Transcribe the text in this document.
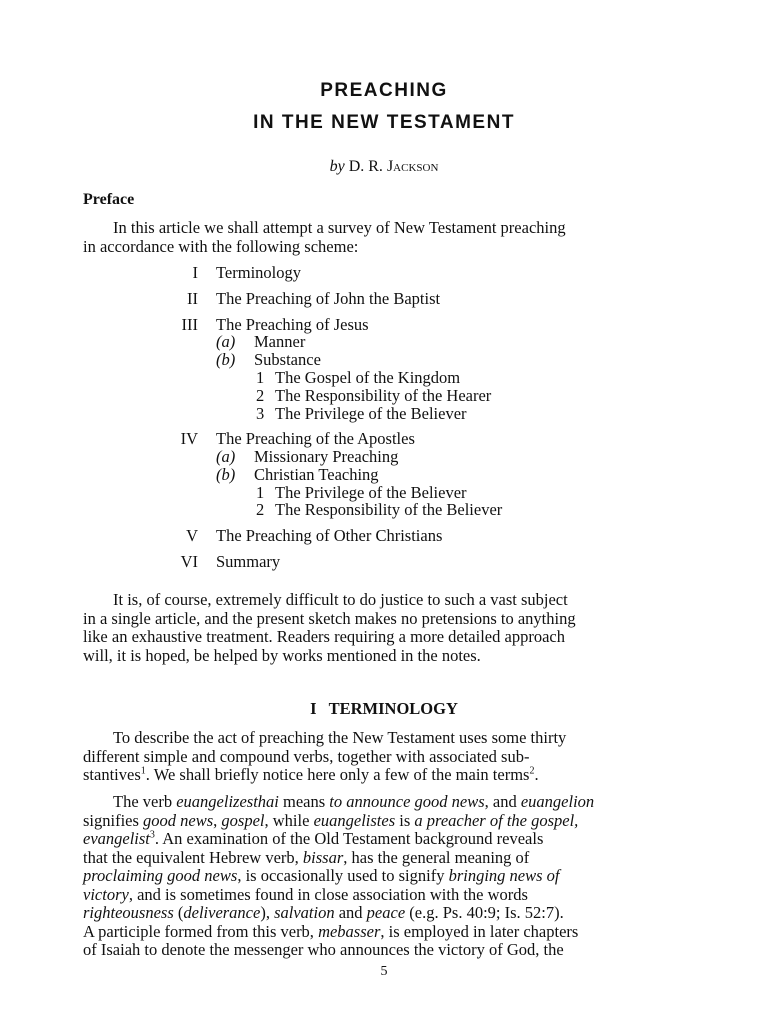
PREACHING
IN THE NEW TESTAMENT
by D. R. Jackson
Preface

In this article we shall attempt a survey of New Testament preaching
in accordance with the following scheme:

I Terminology
II The Preaching of John the Baptist
III The Preaching of Jesus
(a) Manner
(b) Substance
1 The Gospel of the Kingdom
2 The Responsibility of the Hearer
3 The Privilege of the Believer
IV The Preaching of the Apostles
(a) Missionary Preaching
(b) Christian Teaching
1 The Privilege of the Believer
2 The Responsibility of the Believer
V The Preaching of Other Christians
VI Summary

It is, of course, extremely difficult to do justice to such a vast subject
in a single article, and the present sketch makes no pretensions to anything
like an exhaustive treatment. Readers requiring a more detailed approach
will, it is hoped, be helped by works mentioned in the notes.

I   TERMINOLOGY

To describe the act of preaching the New Testament uses some thirty
different simple and compound verbs, together with associated sub-
stantives$^1$. We shall briefly notice here only a few of the main terms$^2$.

The verb euangelizesthai means to announce good news, and euangelion
signifies good news, gospel, while euangelistes is a preacher of the gospel,
evangelist$^3$. An examination of the Old Testament background reveals
that the equivalent Hebrew verb, bissar, has the general meaning of
proclaiming good news, is occasionally used to signify bringing news of
victory, and is sometimes found in close association with the words
righteousness (deliverance), salvation and peace (e.g. Ps. 40:9; Is. 52:7).
A participle formed from this verb, mebasser, is employed in later chapters
of Isaiah to denote the messenger who announces the victory of God, the

5
